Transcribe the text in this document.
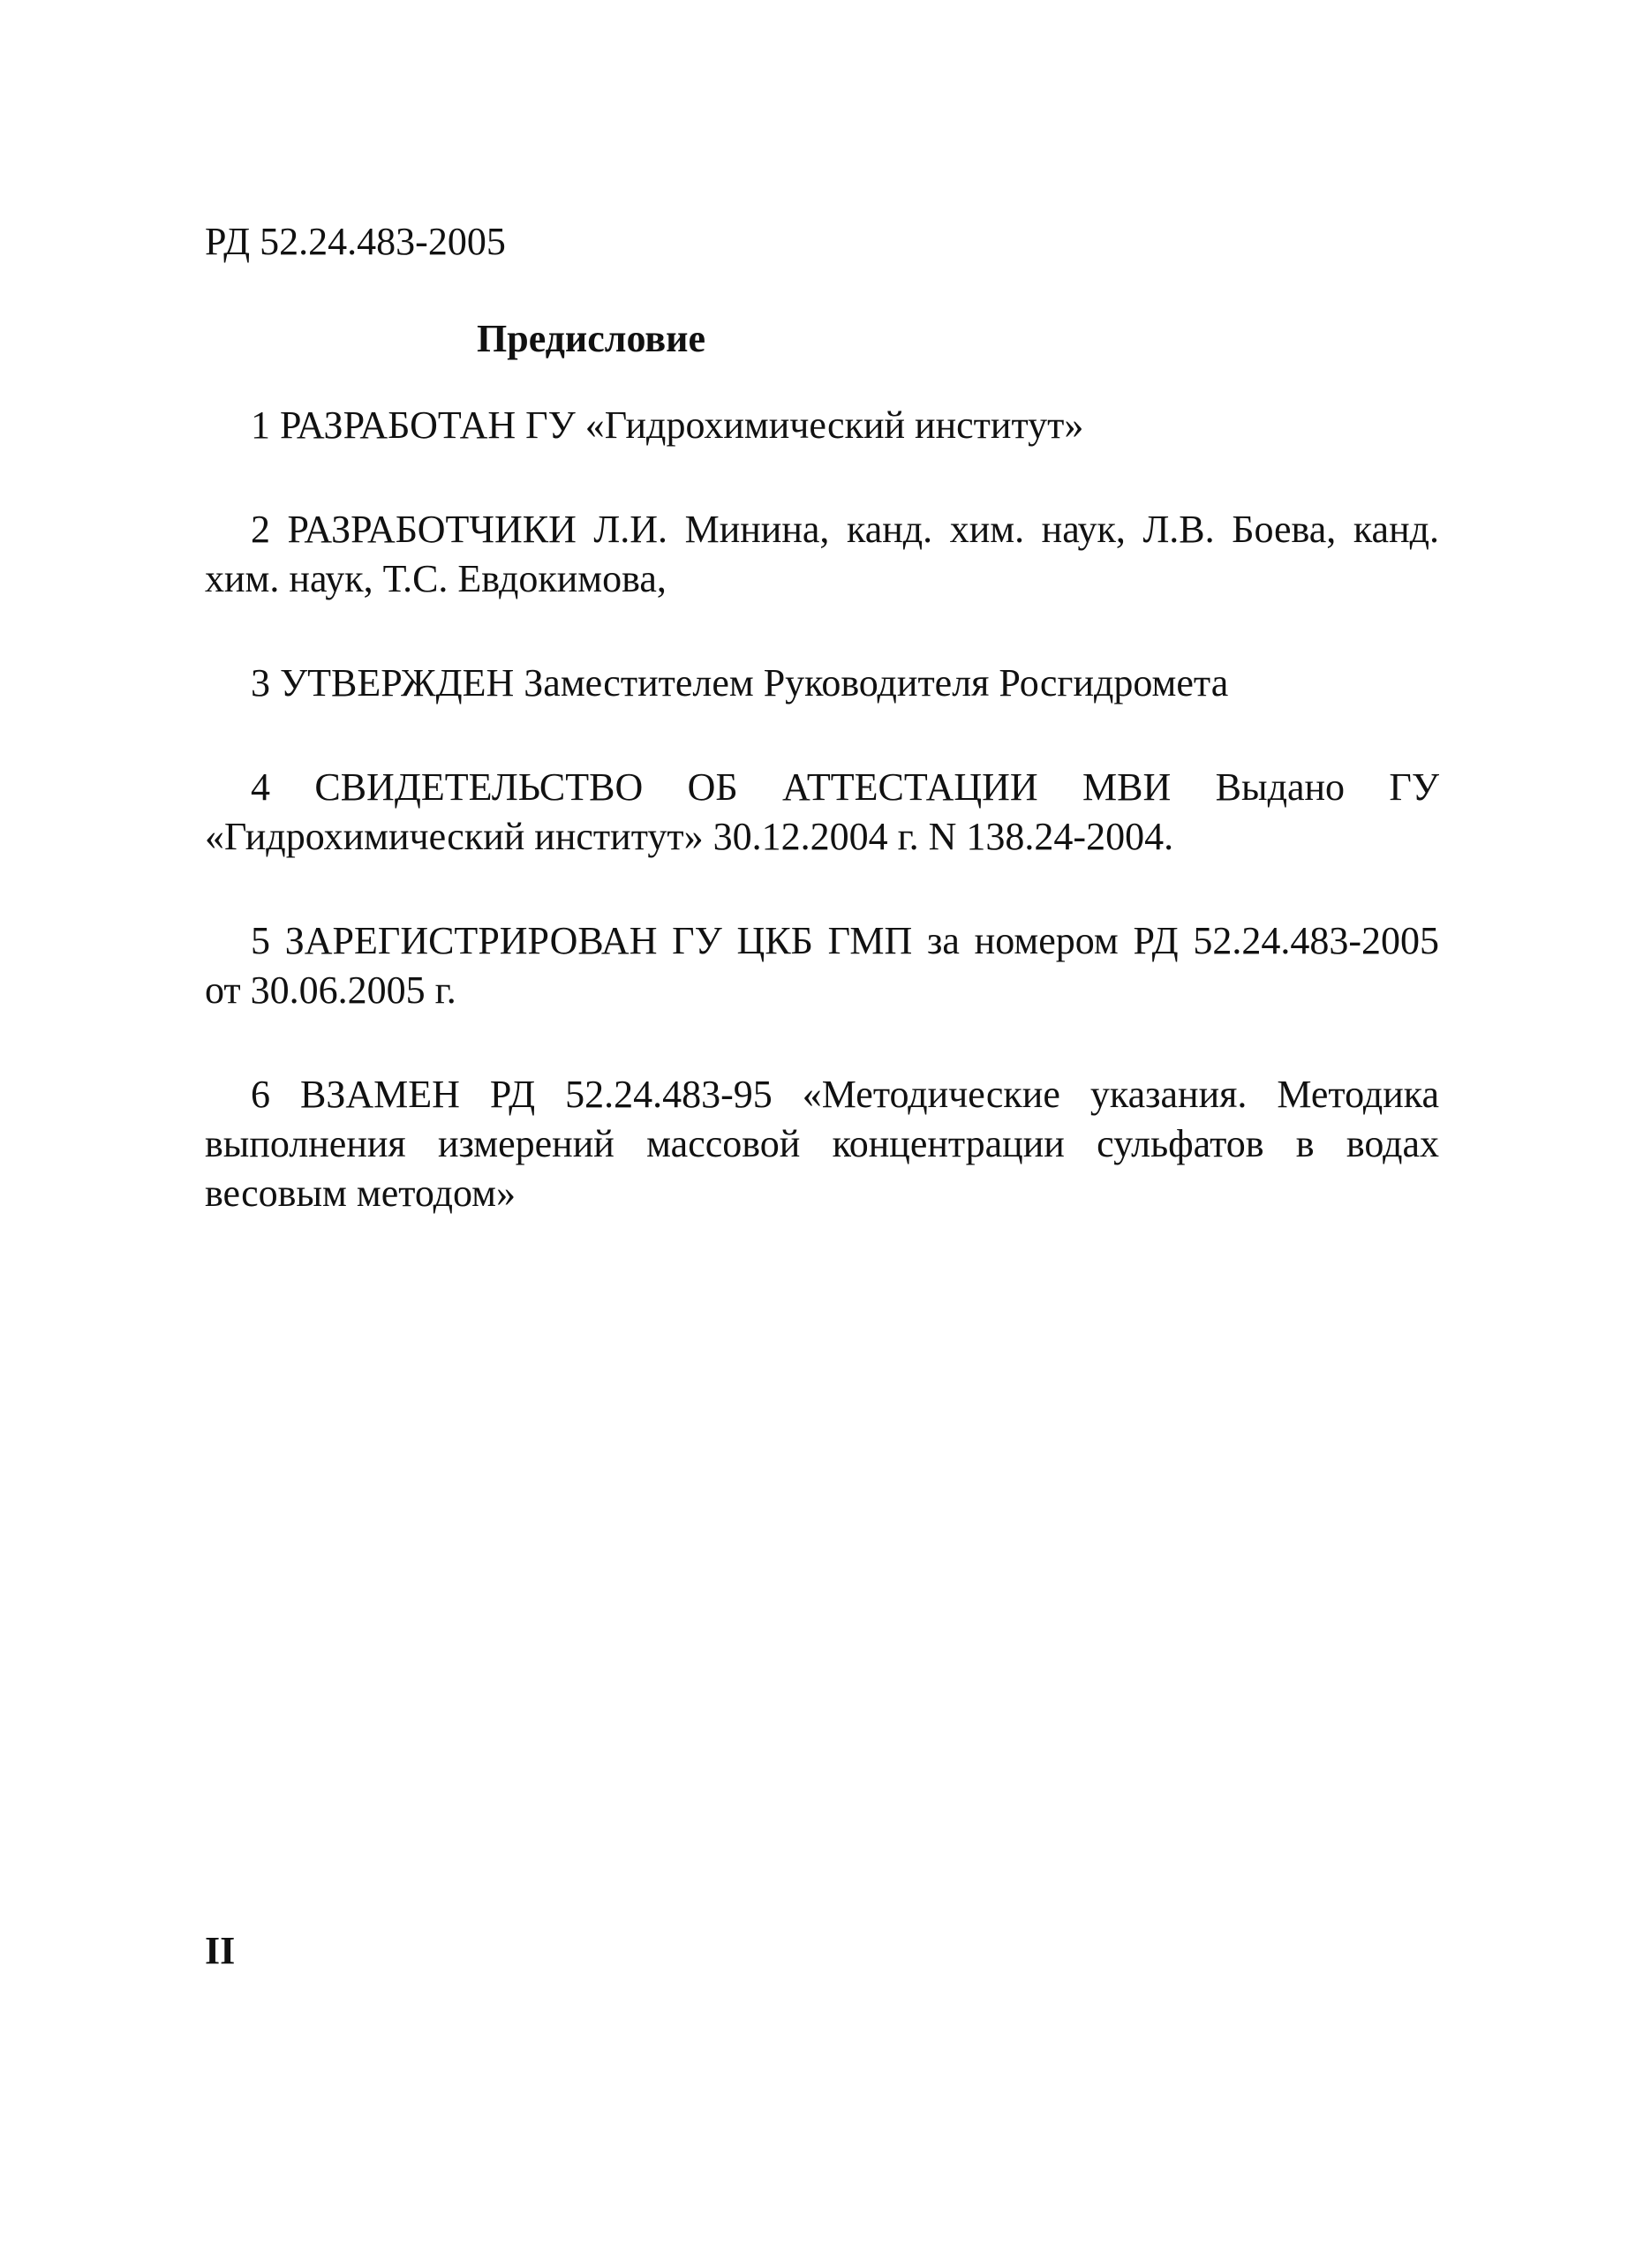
РД 52.24.483-2005

Предисловие
1 РАЗРАБОТАН ГУ «Гидрохимический институт»
2 РАЗРАБОТЧИКИ Л.И. Минина, канд. хим. наук, Л.В. Боева, канд. хим. наук, Т.С. Евдокимова,
3 УТВЕРЖДЕН Заместителем Руководителя Росгидромета
4 СВИДЕТЕЛЬСТВО ОБ АТТЕСТАЦИИ МВИ Выдано ГУ «Гидрохимический институт» 30.12.2004 г. N 138.24-2004.
5 ЗАРЕГИСТРИРОВАН ГУ ЦКБ ГМП за номером РД 52.24.483-2005 от 30.06.2005 г.
6 ВЗАМЕН РД 52.24.483-95 «Методические указания. Методика выполнения измерений массовой концентрации сульфатов в водах весовым методом»

II
